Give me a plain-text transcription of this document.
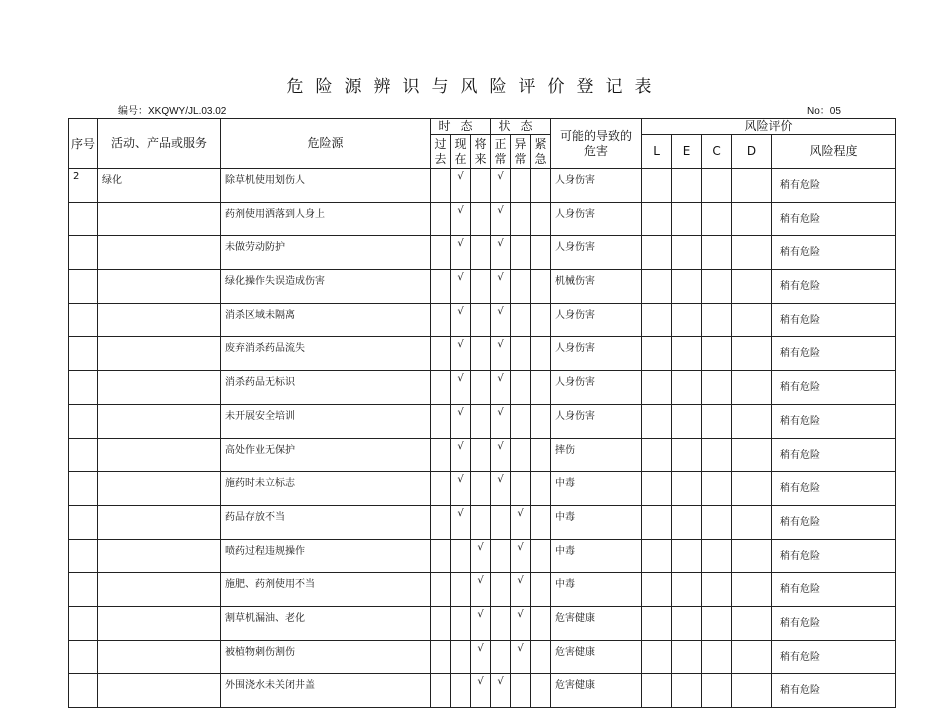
危险源辨识与风险评价登记表
编号：XKQWY/JL.03.02	No：05
序号	活动、产品或服务	危险源	时态			状态			可能的导致的危害	风险评价				
			过去	现在	将来	正常	异常	紧急		L	E	C	D	风险程度
2	绿化	除草机使用划伤人		√		√			人身伤害					稍有危险
		药剂使用洒落到人身上		√		√			人身伤害					稍有危险
		未做劳动防护		√		√			人身伤害					稍有危险
		绿化操作失误造成伤害		√		√			机械伤害					稍有危险
		消杀区域未隔离		√		√			人身伤害					稍有危险
		废弃消杀药品流失		√		√			人身伤害					稍有危险
		消杀药品无标识		√		√			人身伤害					稍有危险
		未开展安全培训		√		√			人身伤害					稍有危险
		高处作业无保护		√		√			摔伤					稍有危险
		施药时未立标志		√		√			中毒					稍有危险
		药品存放不当		√			√		中毒					稍有危险
		喷药过程违规操作			√		√		中毒					稍有危险
		施肥、药剂使用不当			√		√		中毒					稍有危险
		割草机漏油、老化			√		√		危害健康					稍有危险
		被植物刺伤割伤			√		√		危害健康					稍有危险
		外围浇水未关闭井盖			√	√			危害健康					稍有危险
